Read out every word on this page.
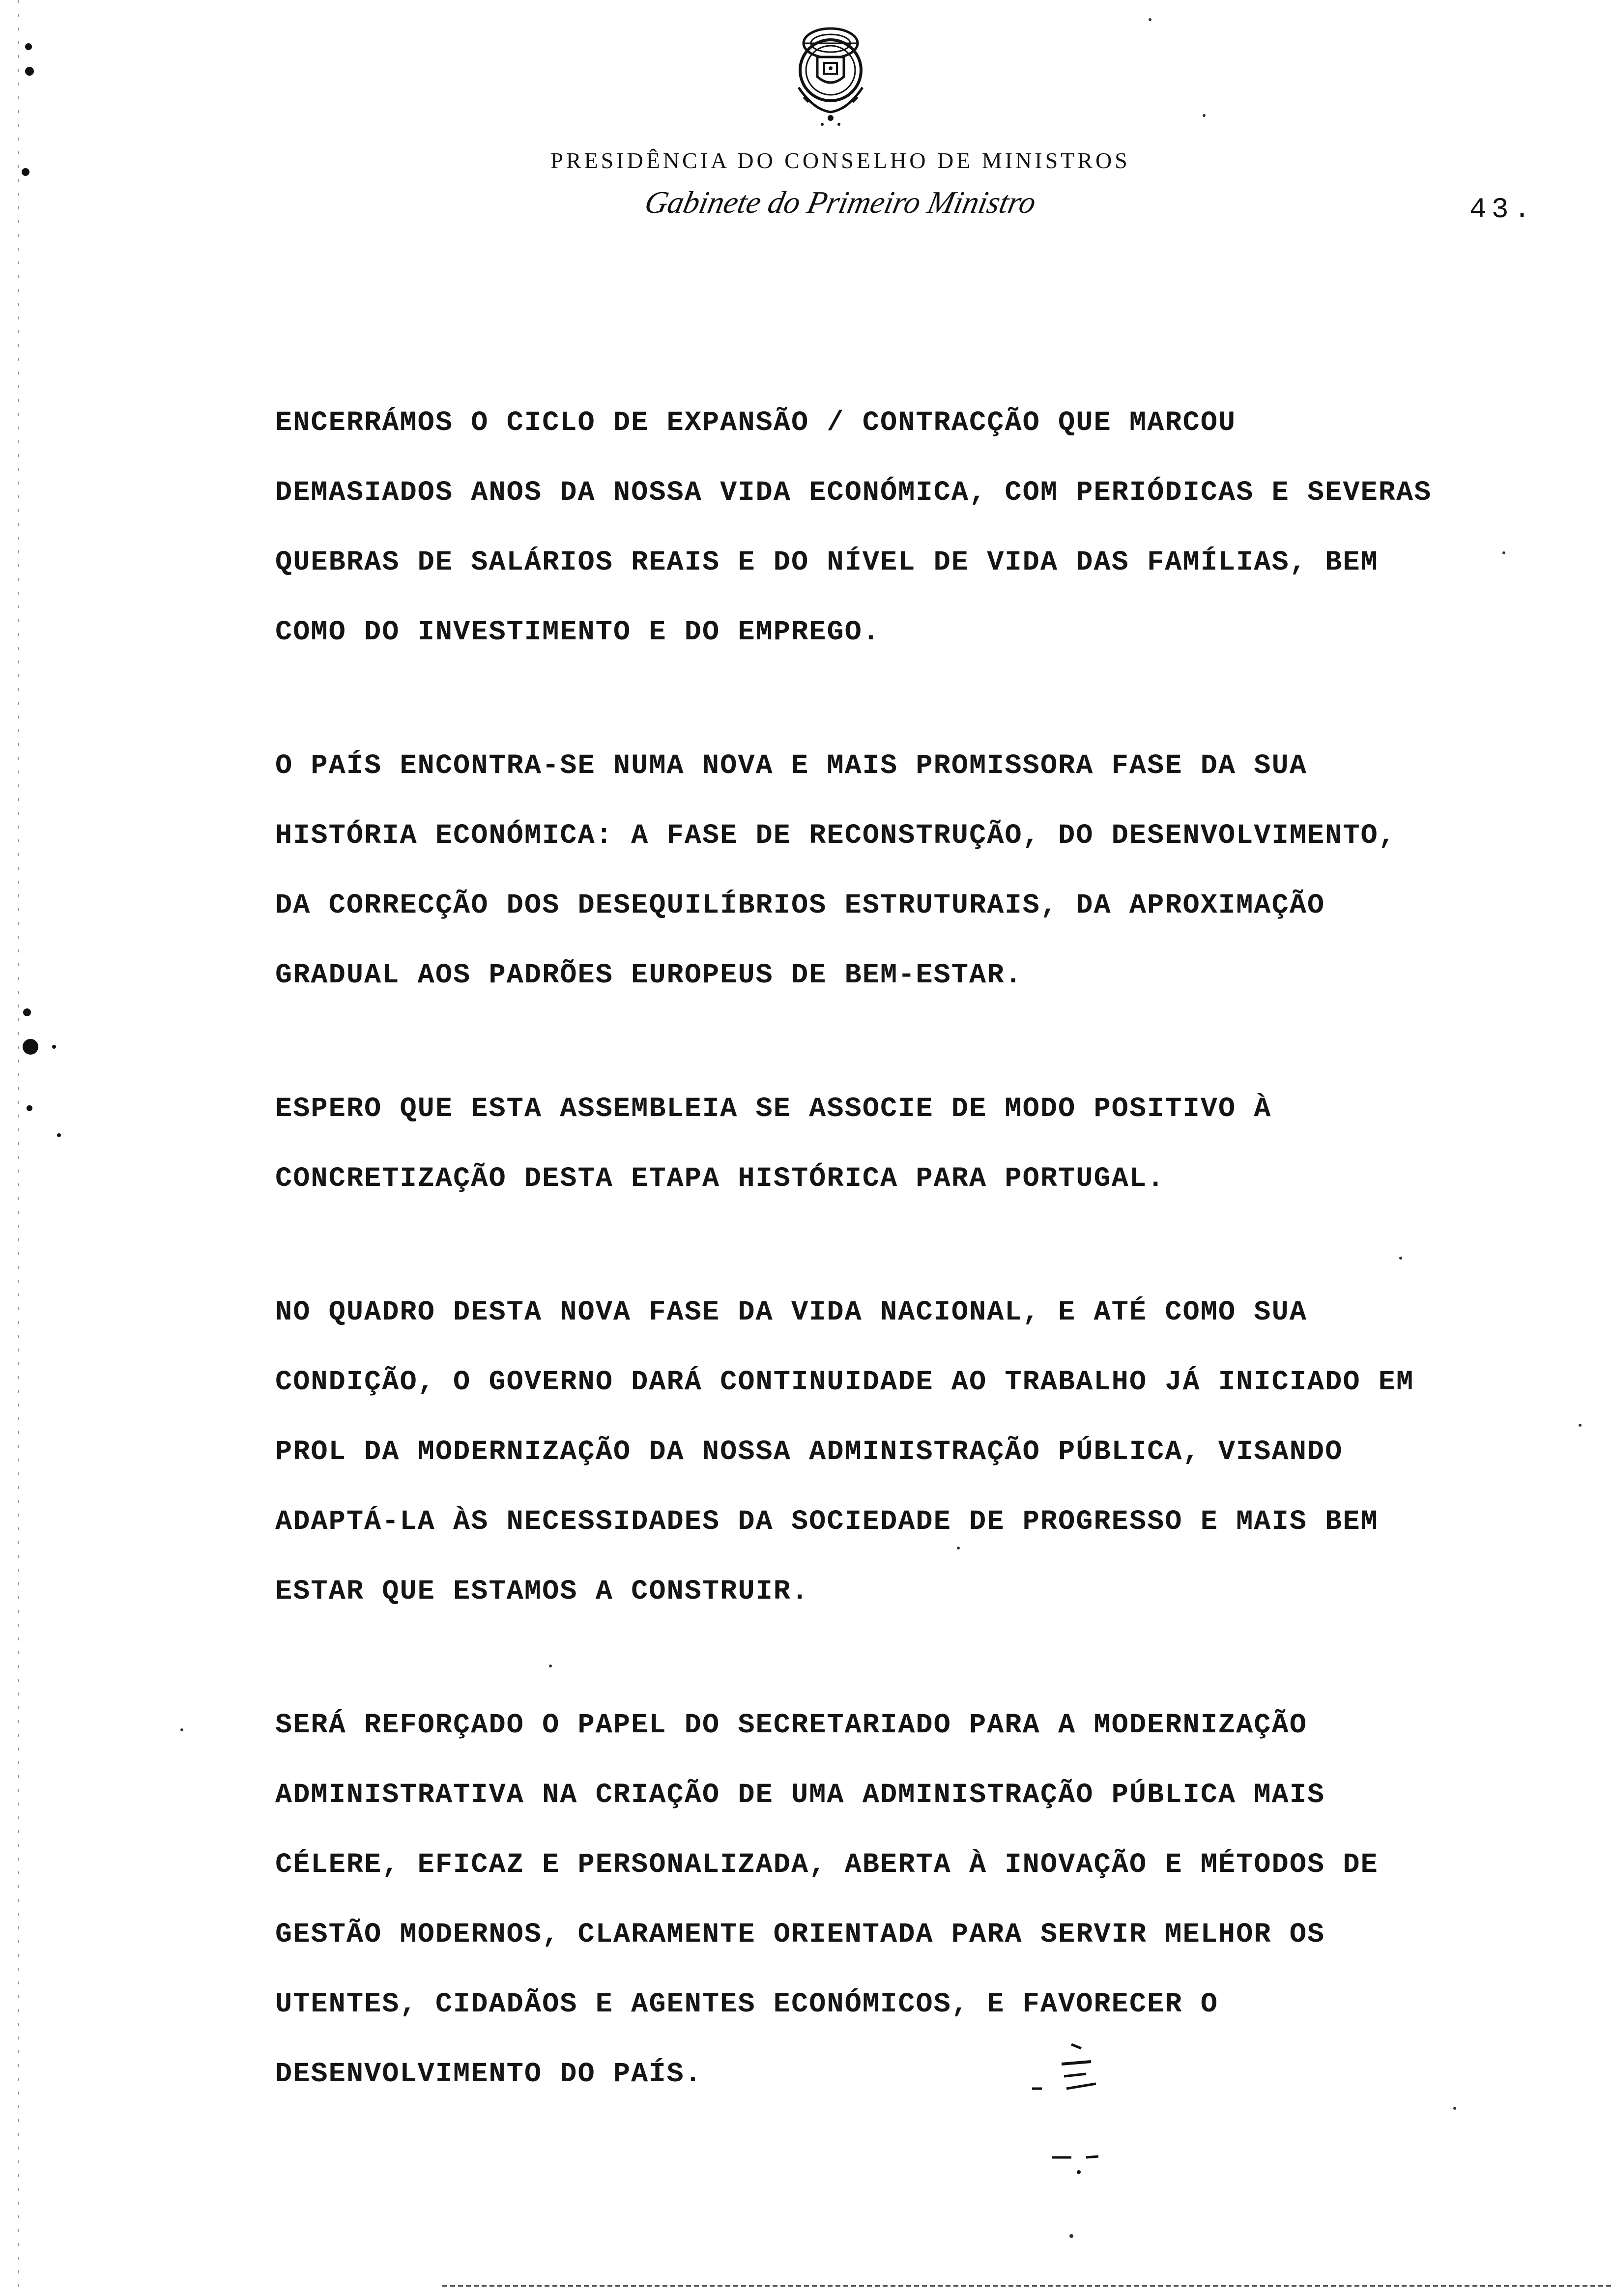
PRESIDÊNCIA DO CONSELHO DE MINISTROS
Gabinete do Primeiro Ministro	43.
ENCERRÁMOS O CICLO DE EXPANSÃO / CONTRACÇÃO QUE MARCOU
DEMASIADOS ANOS DA NOSSA VIDA ECONÓMICA, COM PERIÓDICAS E SEVERAS
QUEBRAS DE SALÁRIOS REAIS E DO NÍVEL DE VIDA DAS FAMÍLIAS, BEM
COMO DO INVESTIMENTO E DO EMPREGO.
O PAÍS ENCONTRA-SE NUMA NOVA E MAIS PROMISSORA FASE DA SUA
HISTÓRIA ECONÓMICA: A FASE DE RECONSTRUÇÃO, DO DESENVOLVIMENTO,
DA CORRECÇÃO DOS DESEQUILÍBRIOS ESTRUTURAIS, DA APROXIMAÇÃO
GRADUAL AOS PADRÕES EUROPEUS DE BEM-ESTAR.
ESPERO QUE ESTA ASSEMBLEIA SE ASSOCIE DE MODO POSITIVO À
CONCRETIZAÇÃO DESTA ETAPA HISTÓRICA PARA PORTUGAL.
NO QUADRO DESTA NOVA FASE DA VIDA NACIONAL, E ATÉ COMO SUA
CONDIÇÃO, O GOVERNO DARÁ CONTINUIDADE AO TRABALHO JÁ INICIADO EM
PROL DA MODERNIZAÇÃO DA NOSSA ADMINISTRAÇÃO PÚBLICA, VISANDO
ADAPTÁ-LA ÀS NECESSIDADES DA SOCIEDADE DE PROGRESSO E MAIS BEM
ESTAR QUE ESTAMOS A CONSTRUIR.
SERÁ REFORÇADO O PAPEL DO SECRETARIADO PARA A MODERNIZAÇÃO
ADMINISTRATIVA NA CRIAÇÃO DE UMA ADMINISTRAÇÃO PÚBLICA MAIS
CÉLERE, EFICAZ E PERSONALIZADA, ABERTA À INOVAÇÃO E MÉTODOS DE
GESTÃO MODERNOS, CLARAMENTE ORIENTADA PARA SERVIR MELHOR OS
UTENTES, CIDADÃOS E AGENTES ECONÓMICOS, E FAVORECER O
DESENVOLVIMENTO DO PAÍS.
